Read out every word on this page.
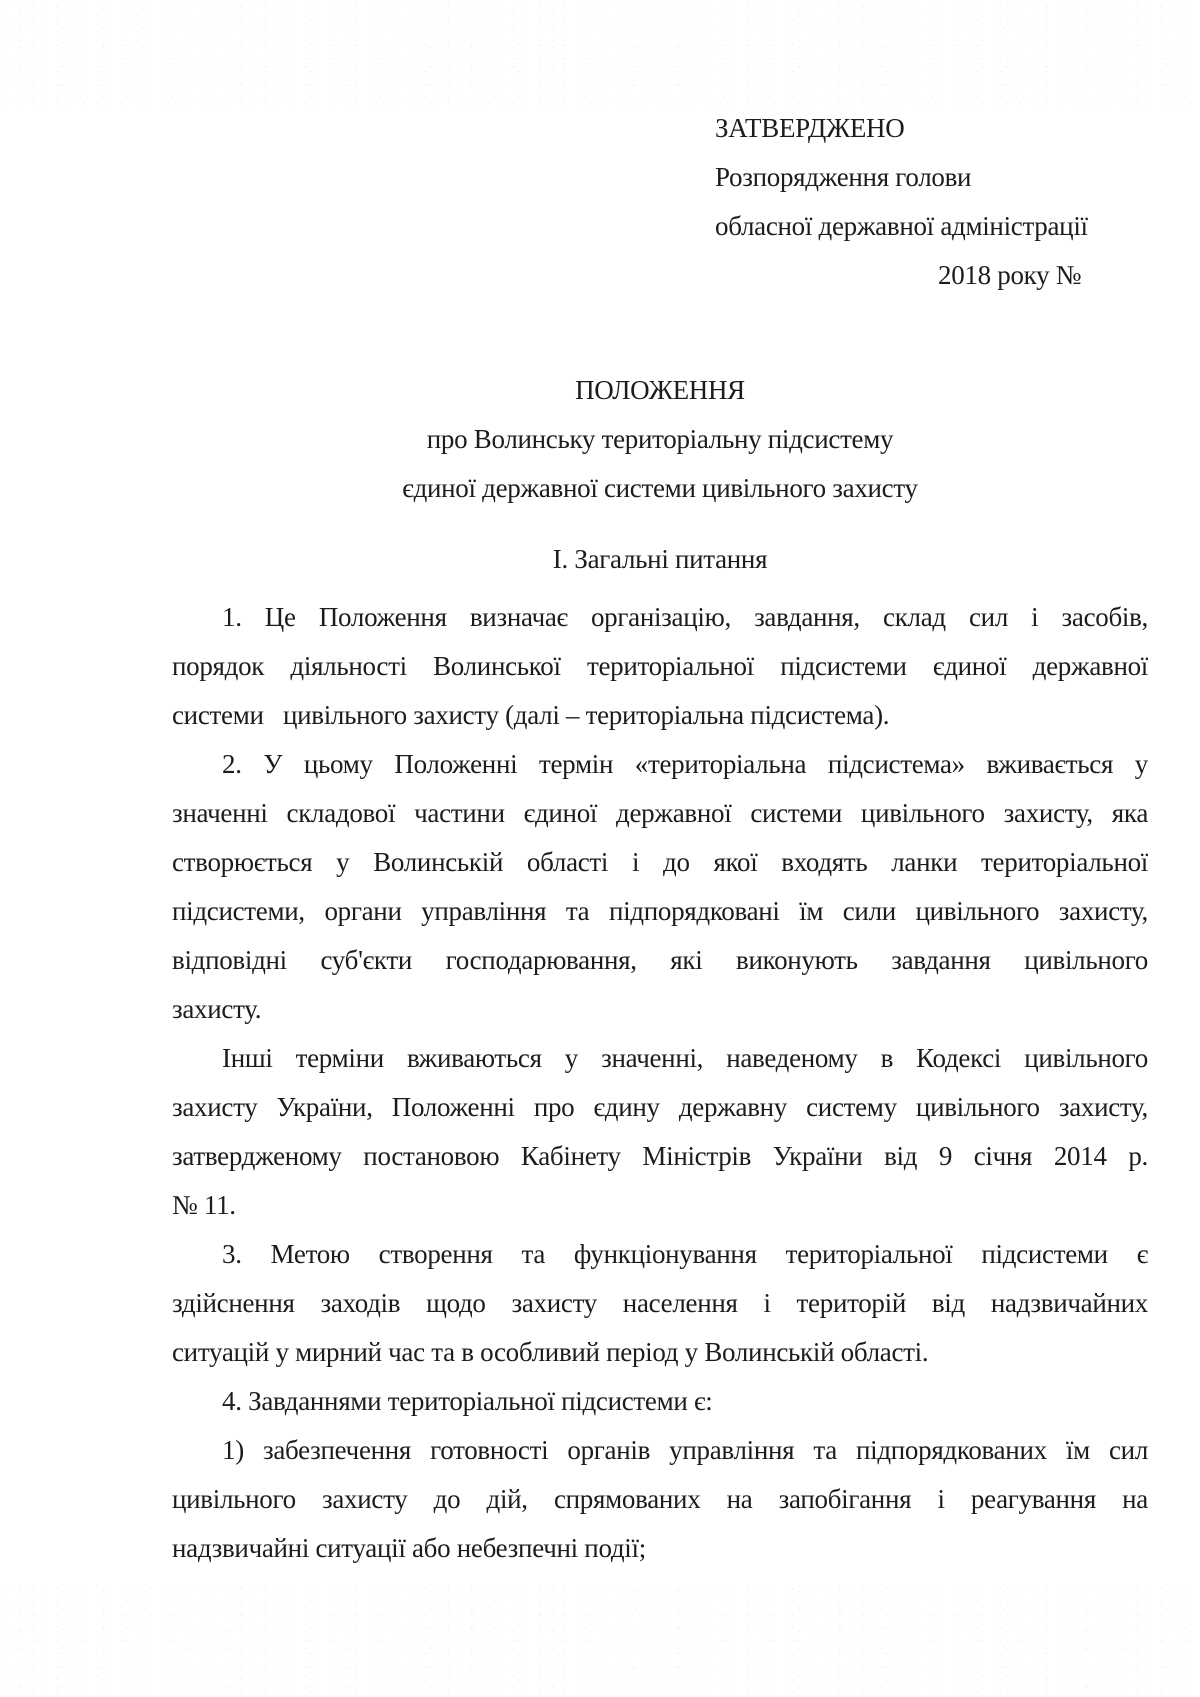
ЗАТВЕРДЖЕНО
Розпорядження голови
обласної державної адміністрації
2018 року №
ПОЛОЖЕННЯ
про Волинську територіальну підсистему
єдиної державної системи цивільного захисту
І. Загальні питання
1. Це Положення визначає організацію, завдання, склад сил і засобів,
порядок діяльності Волинської територіальної підсистеми єдиної державної
системи   цивільного захисту (далі – територіальна підсистема).
2. У цьому Положенні термін «територіальна підсистема» вживається у
значенні складової частини єдиної державної системи цивільного захисту, яка
створюється у Волинській області і до якої входять ланки територіальної
підсистеми, органи управління та підпорядковані їм сили цивільного захисту,
відповідні суб'єкти господарювання, які виконують завдання цивільного
захисту.
Інші терміни вживаються у значенні, наведеному в Кодексі цивільного
захисту України, Положенні про єдину державну систему цивільного захисту,
затвердженому постановою Кабінету Міністрів України від 9 січня 2014 р.
№ 11.
3. Метою створення та функціонування територіальної підсистеми є
здійснення заходів щодо захисту населення і територій від надзвичайних
ситуацій у мирний час та в особливий період у Волинській області.
4. Завданнями територіальної підсистеми є:
1) забезпечення готовності органів управління та підпорядкованих їм сил
цивільного захисту до дій, спрямованих на запобігання і реагування на
надзвичайні ситуації або небезпечні події;
